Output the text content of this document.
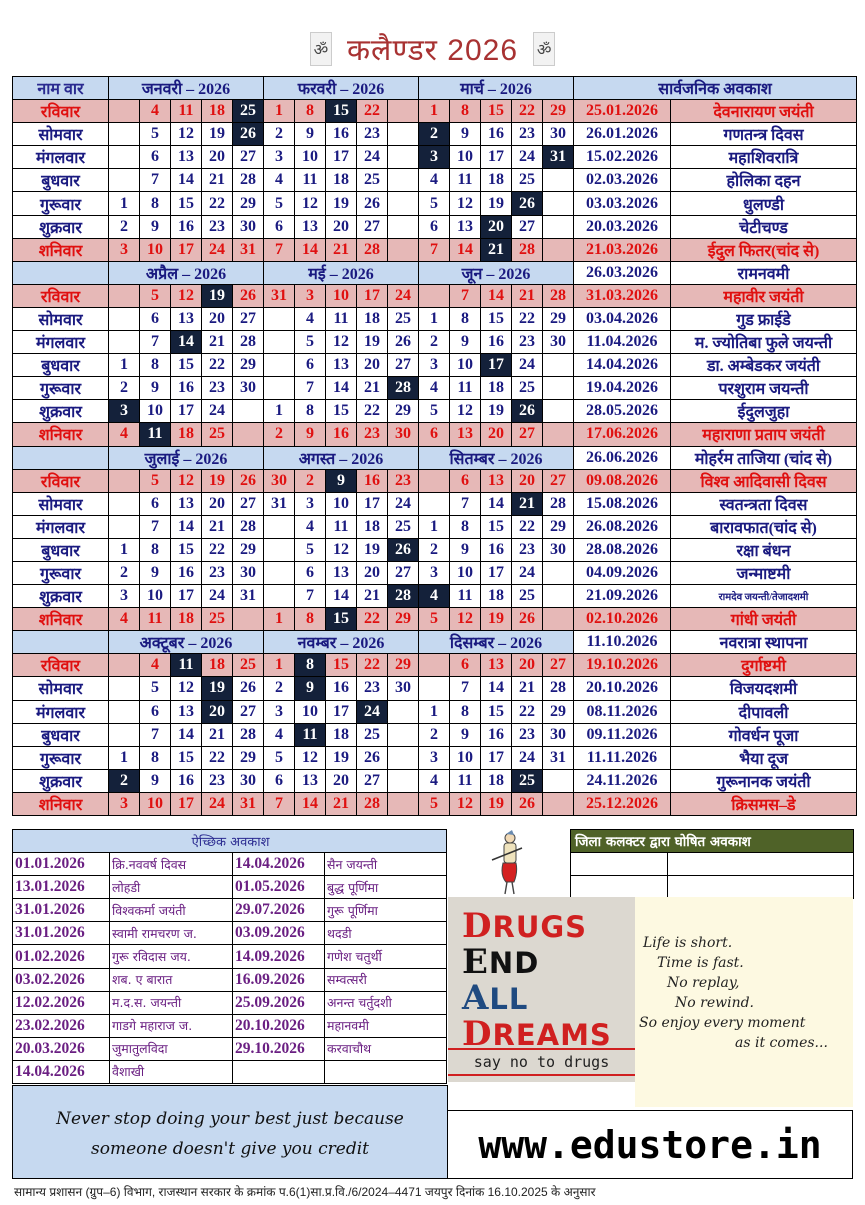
ॐ कलैण्डर 2026 ॐ
नाम वार	जनवरी – 2026					फरवरी – 2026					मार्च – 2026					सार्वजनिक अवकाश	
रविवार		4	11	18	25	1	8	15	22		1	8	15	22	29	25.01.2026	देवनारायण जयंती
सोमवार		5	12	19	26	2	9	16	23		2	9	16	23	30	26.01.2026	गणतन्त्र दिवस
मंगलवार		6	13	20	27	3	10	17	24		3	10	17	24	31	15.02.2026	महाशिवरात्रि
बुधवार		7	14	21	28	4	11	18	25		4	11	18	25		02.03.2026	होलिका दहन
गुरूवार	1	8	15	22	29	5	12	19	26		5	12	19	26		03.03.2026	धुलण्डी
शुक्रवार	2	9	16	23	30	6	13	20	27		6	13	20	27		20.03.2026	चेटीचण्ड
शनिवार	3	10	17	24	31	7	14	21	28		7	14	21	28		21.03.2026	ईदुल फितर(चांद से)
	अप्रैल – 2026					मई – 2026					जून – 2026					26.03.2026	रामनवमी
रविवार		5	12	19	26	31	3	10	17	24		7	14	21	28	31.03.2026	महावीर जयंती
सोमवार		6	13	20	27		4	11	18	25	1	8	15	22	29	03.04.2026	गुड फ्राईडे
मंगलवार		7	14	21	28		5	12	19	26	2	9	16	23	30	11.04.2026	म. ज्योतिबा फुले जयन्ती
बुधवार	1	8	15	22	29		6	13	20	27	3	10	17	24		14.04.2026	डा. अम्बेडकर जयंती
गुरूवार	2	9	16	23	30		7	14	21	28	4	11	18	25		19.04.2026	परशुराम जयन्ती
शुक्रवार	3	10	17	24		1	8	15	22	29	5	12	19	26		28.05.2026	ईदुलजुहा
शनिवार	4	11	18	25		2	9	16	23	30	6	13	20	27		17.06.2026	महाराणा प्रताप जयंती
	जुलाई – 2026					अगस्त – 2026					सितम्बर – 2026					26.06.2026	मोहर्रम ताजिया (चांद से)
रविवार		5	12	19	26	30	2	9	16	23		6	13	20	27	09.08.2026	विश्व आदिवासी दिवस
सोमवार		6	13	20	27	31	3	10	17	24		7	14	21	28	15.08.2026	स्वतन्त्रता दिवस
मंगलवार		7	14	21	28		4	11	18	25	1	8	15	22	29	26.08.2026	बारावफात(चांद से)
बुधवार	1	8	15	22	29		5	12	19	26	2	9	16	23	30	28.08.2026	रक्षा बंधन
गुरूवार	2	9	16	23	30		6	13	20	27	3	10	17	24		04.09.2026	जन्माष्टमी
शुक्रवार	3	10	17	24	31		7	14	21	28	4	11	18	25		21.09.2026	रामदेव जयन्ती/तेजादशमी
शनिवार	4	11	18	25		1	8	15	22	29	5	12	19	26		02.10.2026	गांधी जयंती
	अक्टूबर – 2026					नवम्बर – 2026					दिसम्बर – 2026					11.10.2026	नवरात्रा स्थापना
रविवार		4	11	18	25	1	8	15	22	29		6	13	20	27	19.10.2026	दुर्गाष्टमी
सोमवार		5	12	19	26	2	9	16	23	30		7	14	21	28	20.10.2026	विजयदशमी
मंगलवार		6	13	20	27	3	10	17	24		1	8	15	22	29	08.11.2026	दीपावली
बुधवार		7	14	21	28	4	11	18	25		2	9	16	23	30	09.11.2026	गोवर्धन पूजा
गुरूवार	1	8	15	22	29	5	12	19	26		3	10	17	24	31	11.11.2026	भैया दूज
शुक्रवार	2	9	16	23	30	6	13	20	27		4	11	18	25		24.11.2026	गुरूनानक जयंती
शनिवार	3	10	17	24	31	7	14	21	28		5	12	19	26		25.12.2026	क्रिसमस–डे
ऐच्छिक अवकाश			
01.01.2026	क्रि.नववर्ष दिवस	14.04.2026	सैन जयन्ती
13.01.2026	लोहडी	01.05.2026	बुद्ध पूर्णिमा
31.01.2026	विश्वकर्मा जयंती	29.07.2026	गुरू पूर्णिमा
31.01.2026	स्वामी रामचरण ज.	03.09.2026	थदडी
01.02.2026	गुरू रविदास जय.	14.09.2026	गणेश चतुर्थी
03.02.2026	शब. ए बारात	16.09.2026	सम्वत्सरी
12.02.2026	म.द.स. जयन्ती	25.09.2026	अनन्त चर्तुदशी
23.02.2026	गाडगे महाराज ज.	20.10.2026	महानवमी
20.03.2026	जुमातुलविदा	29.10.2026	करवाचौथ
14.04.2026	वैशाखी		
जिला कलक्टर द्वारा घोषित अवकाश	

DRUGS
END
ALL
DREAMS
say no to drugs
Life is short.
Time is fast.
No replay,
No rewind.
So enjoy every moment
as it comes...
Never stop doing your best just because
someone doesn't give you credit	www.edustore.in
सामान्य प्रशासन (ग्रुप–6) विभाग, राजस्थान सरकार के क्रमांक प.6(1)सा.प्र.वि./6/2024–4471 जयपुर दिनांक 16.10.2025 के अनुसार
